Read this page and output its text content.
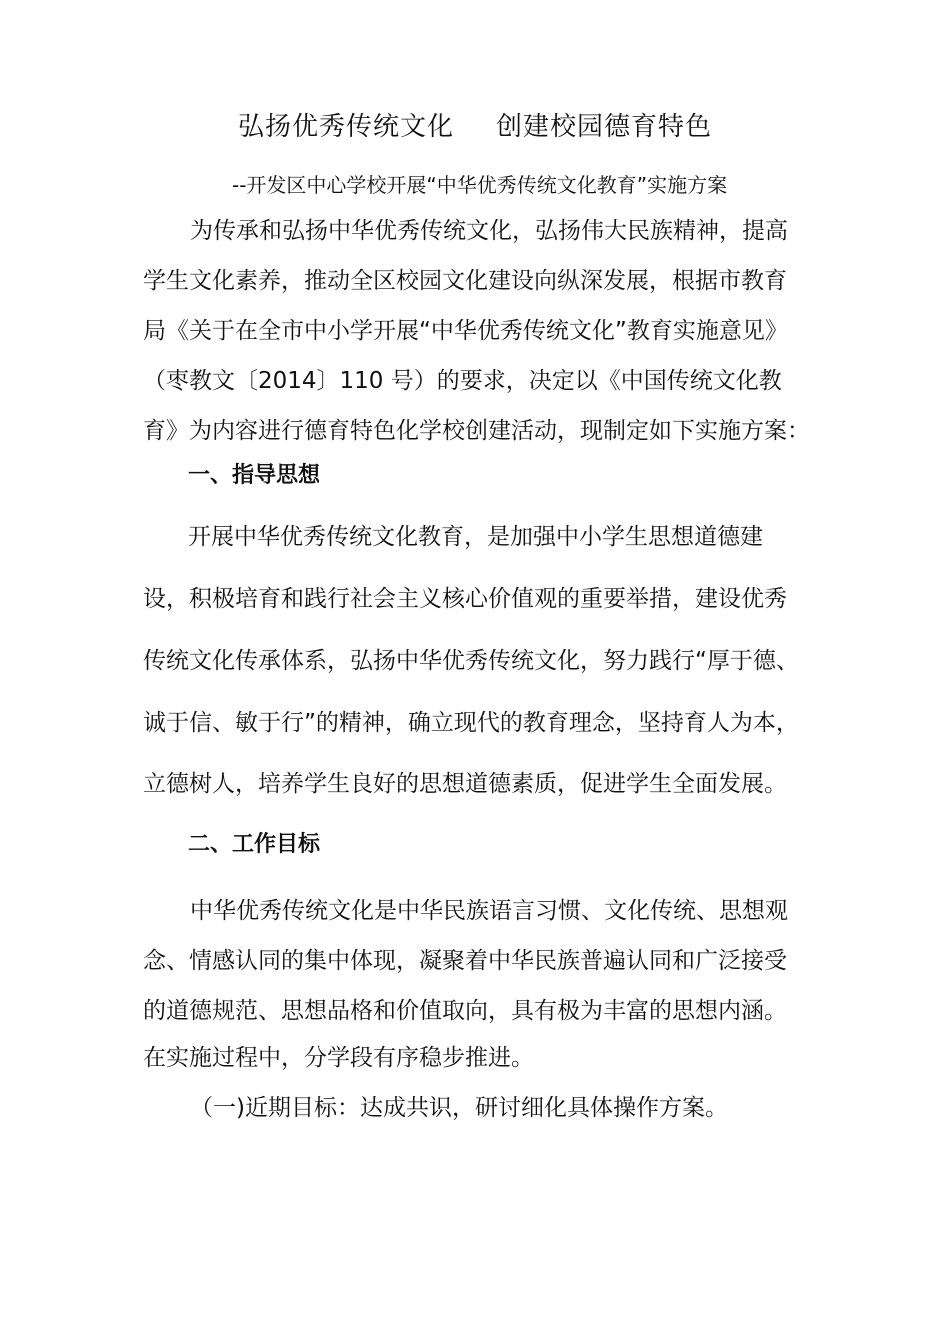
弘扬优秀传统文化 创建校园德育特色
--开发区中心学校开展“中华优秀传统文化教育”实施方案
为传承和弘扬中华优秀传统文化，弘扬伟大民族精神，提高
学生文化素养，推动全区校园文化建设向纵深发展，根据市教育
局《关于在全市中小学开展“中华优秀传统文化”教育实施意见》
（枣教文〔2014〕110 号）的要求，决定以《中国传统文化教
育》为内容进行德育特色化学校创建活动，现制定如下实施方案：
一、指导思想
开展中华优秀传统文化教育，是加强中小学生思想道德建
设，积极培育和践行社会主义核心价值观的重要举措，建设优秀
传统文化传承体系，弘扬中华优秀传统文化，努力践行“厚于德、
诚于信、敏于行”的精神，确立现代的教育理念，坚持育人为本，
立德树人，培养学生良好的思想道德素质，促进学生全面发展。
二、工作目标
中华优秀传统文化是中华民族语言习惯、文化传统、思想观
念、情感认同的集中体现，凝聚着中华民族普遍认同和广泛接受
的道德规范、思想品格和价值取向，具有极为丰富的思想内涵。
在实施过程中，分学段有序稳步推进。
（一)近期目标：达成共识，研讨细化具体操作方案。
